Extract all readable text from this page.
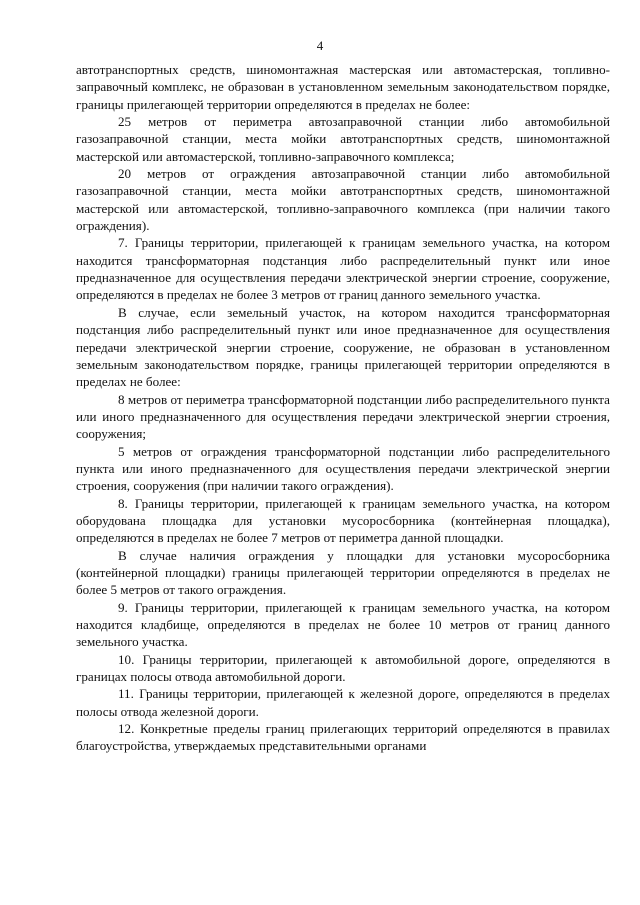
4

автотранспортных средств, шиномонтажная мастерская или автомастерская, топливно-заправочный комплекс, не образован в установленном земельным законодательством порядке, границы прилегающей территории определяются в пределах не более:

25 метров от периметра автозаправочной станции либо автомобильной газозаправочной станции, места мойки автотранспортных средств, шиномонтажной мастерской или автомастерской, топливно-заправочного комплекса;

20 метров от ограждения автозаправочной станции либо автомобильной газозаправочной станции, места мойки автотранспортных средств, шиномонтажной мастерской или автомастерской, топливно-заправочного комплекса (при наличии такого ограждения).

7. Границы территории, прилегающей к границам земельного участка, на котором находится трансформаторная подстанция либо распределительный пункт или иное предназначенное для осуществления передачи электрической энергии строение, сооружение, определяются в пределах не более 3 метров от границ данного земельного участка.

В случае, если земельный участок, на котором находится трансформаторная подстанция либо распределительный пункт или иное предназначенное для осуществления передачи электрической энергии строение, сооружение, не образован в установленном земельным законодательством порядке, границы прилегающей территории определяются в пределах не более:

8 метров от периметра трансформаторной подстанции либо распределительного пункта или иного предназначенного для осуществления передачи электрической энергии строения, сооружения;

5 метров от ограждения трансформаторной подстанции либо распределительного пункта или иного предназначенного для осуществления передачи электрической энергии строения, сооружения (при наличии такого ограждения).

8. Границы территории, прилегающей к границам земельного участка, на котором оборудована площадка для установки мусоросборника (контейнерная площадка), определяются в пределах не более 7 метров от периметра данной площадки.

В случае наличия ограждения у площадки для установки мусоросборника (контейнерной площадки) границы прилегающей территории определяются в пределах не более 5 метров от такого ограждения.

9. Границы территории, прилегающей к границам земельного участка, на котором находится кладбище, определяются в пределах не более 10 метров от границ данного земельного участка.

10. Границы территории, прилегающей к автомобильной дороге, определяются в границах полосы отвода автомобильной дороги.

11. Границы территории, прилегающей к железной дороге, определяются в пределах полосы отвода железной дороги.

12. Конкретные пределы границ прилегающих территорий определяются в правилах благоустройства, утверждаемых представительными органами
